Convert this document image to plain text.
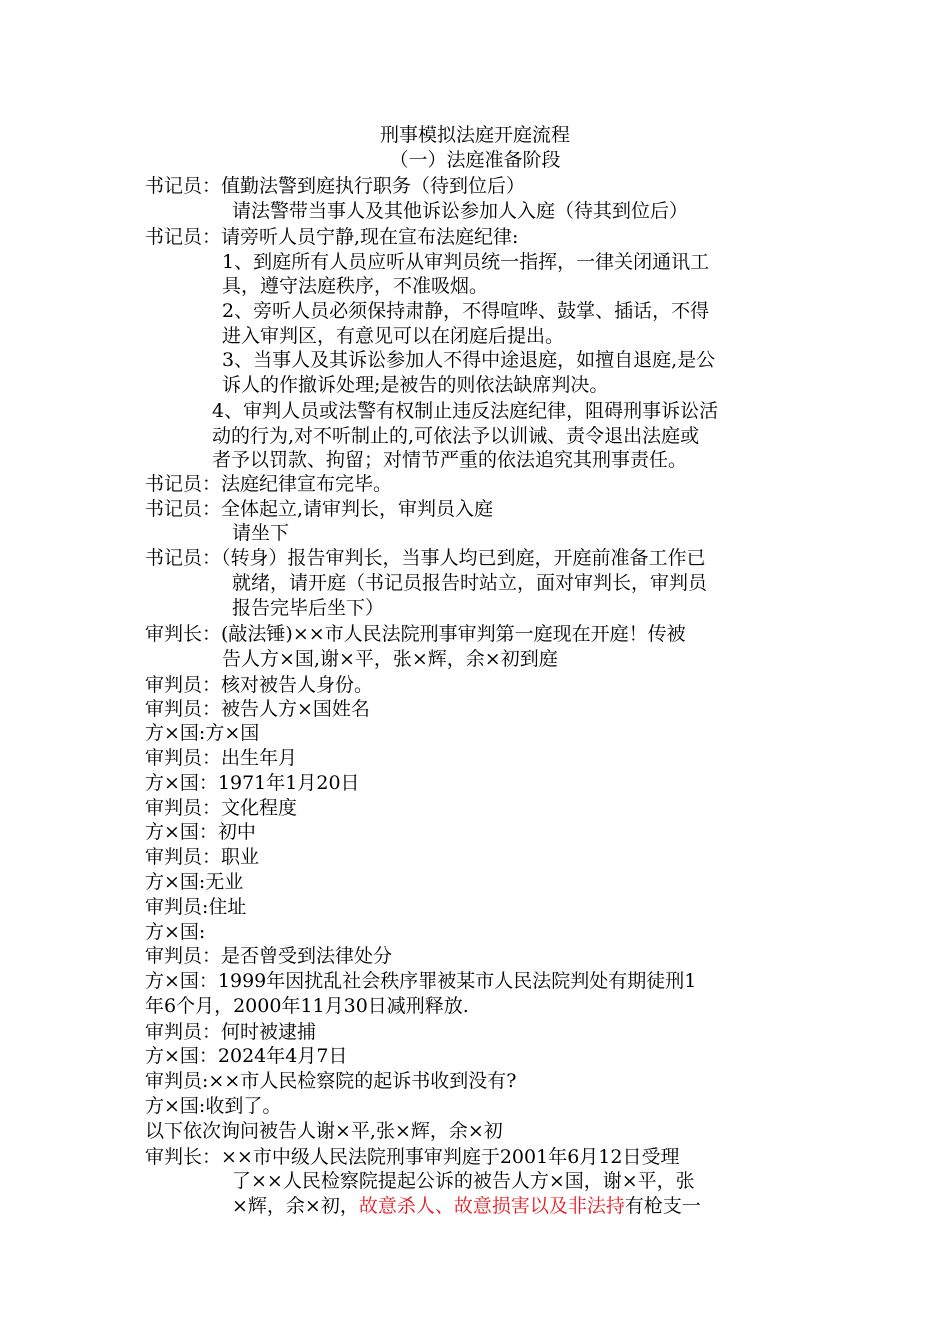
刑事模拟法庭开庭流程
（一）法庭准备阶段
书记员：值勤法警到庭执行职务（待到位后）
请法警带当事人及其他诉讼参加人入庭（待其到位后）
书记员：请旁听人员宁静,现在宣布法庭纪律:
1、到庭所有人员应听从审判员统一指挥，一律关闭通讯工
具，遵守法庭秩序，不准吸烟。
2、旁听人员必须保持肃静，不得喧哗、鼓掌、插话，不得
进入审判区，有意见可以在闭庭后提出。
3、当事人及其诉讼参加人不得中途退庭，如擅自退庭,是公
诉人的作撤诉处理;是被告的则依法缺席判决。
4、审判人员或法警有权制止违反法庭纪律，阻碍刑事诉讼活
动的行为,对不听制止的,可依法予以训诫、责令退出法庭或
者予以罚款、拘留；对情节严重的依法追究其刑事责任。
书记员：法庭纪律宣布完毕。
书记员：全体起立,请审判长，审判员入庭
请坐下
书记员：（转身）报告审判长，当事人均已到庭，开庭前准备工作已
就绪，请开庭（书记员报告时站立，面对审判长，审判员
报告完毕后坐下）
审判长：(敲法锤)××市人民法院刑事审判第一庭现在开庭！传被
告人方×国,谢×平，张×辉，余×初到庭
审判员：核对被告人身份。
审判员：被告人方×国姓名
方×国:方×国
审判员：出生年月
方×国：1971年1月20日
审判员：文化程度
方×国：初中
审判员：职业
方×国:无业
审判员:住址
方×国:
审判员：是否曾受到法律处分
方×国：1999年因扰乱社会秩序罪被某市人民法院判处有期徒刑1
年6个月，2000年11月30日减刑释放.
审判员：何时被逮捕
方×国：2024年4月7日
审判员:××市人民检察院的起诉书收到没有?
方×国:收到了。
以下依次询问被告人谢×平,张×辉，余×初
审判长：××市中级人民法院刑事审判庭于2001年6月12日受理
了××人民检察院提起公诉的被告人方×国，谢×平，张
×辉，余×初，故意杀人、故意损害以及非法持有枪支一
